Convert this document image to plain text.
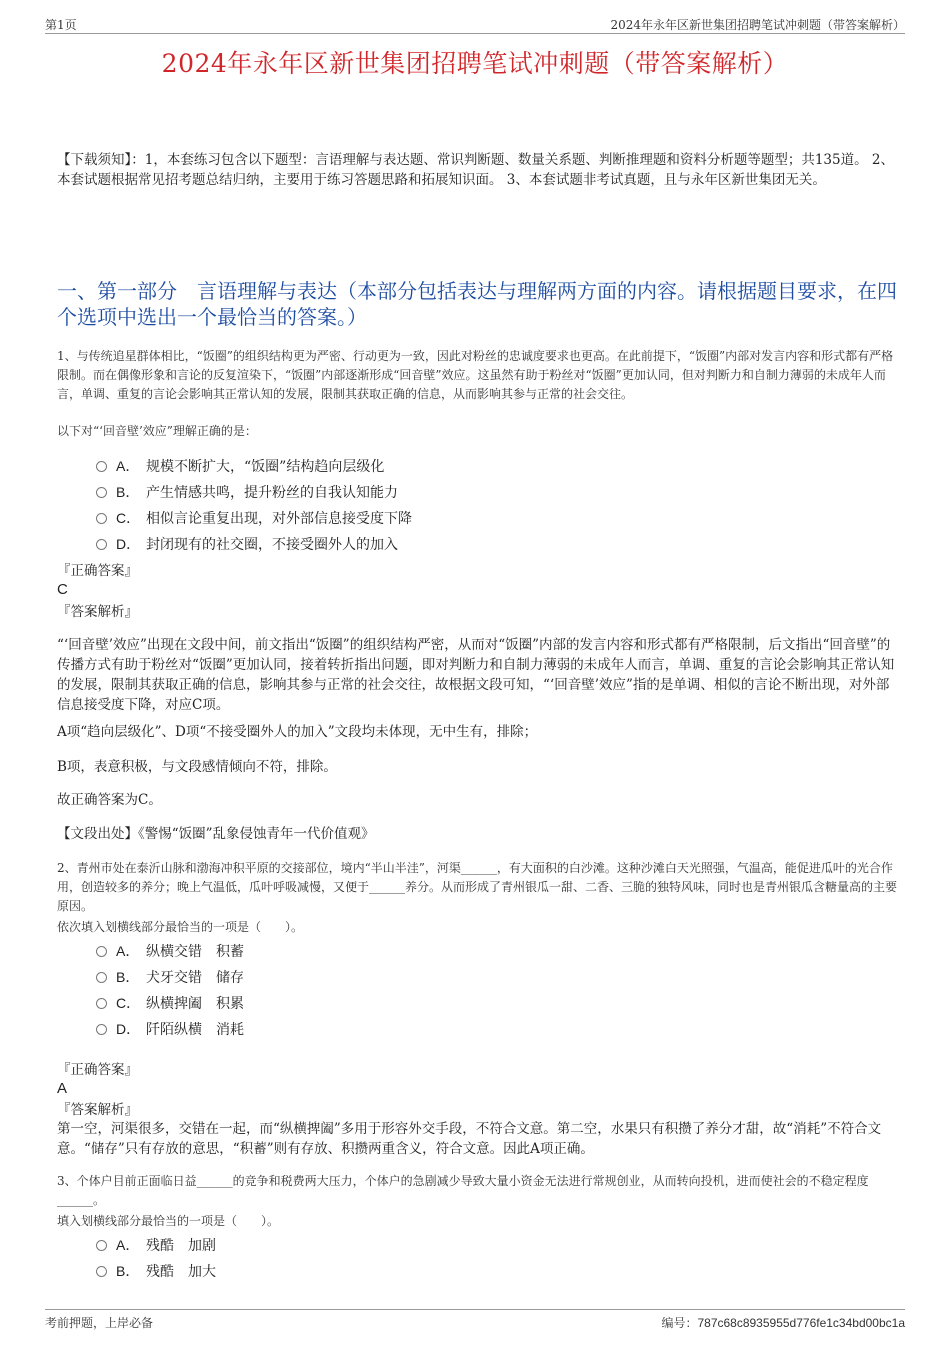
第1页	2024年永年区新世集团招聘笔试冲刺题（带答案解析）
2024年永年区新世集团招聘笔试冲刺题（带答案解析）
【下载须知】：1，本套练习包含以下题型：言语理解与表达题、常识判断题、数量关系题、判断推理题和资料分析题等题型；共135道。 2、本套试题根据常见招考题总结归纳，主要用于练习答题思路和拓展知识面。 3、本套试题非考试真题，且与永年区新世集团无关。
一、第一部分　言语理解与表达（本部分包括表达与理解两方面的内容。请根据题目要求，在四个选项中选出一个最恰当的答案。）
1、与传统追星群体相比，“饭圈”的组织结构更为严密、行动更为一致，因此对粉丝的忠诚度要求也更高。在此前提下，“饭圈”内部对发言内容和形式都有严格限制。而在偶像形象和言论的反复渲染下，“饭圈”内部逐渐形成“回音壁”效应。这虽然有助于粉丝对“饭圈”更加认同，但对判断力和自制力薄弱的未成年人而言，单调、重复的言论会影响其正常认知的发展，限制其获取正确的信息，从而影响其参与正常的社会交往。
以下对“‘回音壁’效应”理解正确的是：
A． 规模不断扩大，“饭圈”结构趋向层级化
B． 产生情感共鸣，提升粉丝的自我认知能力
C． 相似言论重复出现，对外部信息接受度下降
D． 封闭现有的社交圈，不接受圈外人的加入
『正确答案』
C
『答案解析』
“‘回音壁’效应”出现在文段中间，前文指出“饭圈”的组织结构严密，从而对“饭圈”内部的发言内容和形式都有严格限制，后文指出“回音壁”的传播方式有助于粉丝对“饭圈”更加认同，接着转折指出问题，即对判断力和自制力薄弱的未成年人而言，单调、重复的言论会影响其正常认知的发展，限制其获取正确的信息，影响其参与正常的社会交往，故根据文段可知，“‘回音壁’效应”指的是单调、相似的言论不断出现，对外部信息接受度下降，对应C项。
A项“趋向层级化”、D项“不接受圈外人的加入”文段均未体现，无中生有，排除；
B项，表意积极，与文段感情倾向不符，排除。
故正确答案为C。
【文段出处】《警惕“饭圈”乱象侵蚀青年一代价值观》
2、青州市处在泰沂山脉和渤海冲积平原的交接部位，境内“半山半洼”，河渠______，有大面积的白沙滩。这种沙滩白天光照强，气温高，能促进瓜叶的光合作用，创造较多的养分；晚上气温低，瓜叶呼吸减慢，又便于______养分。从而形成了青州银瓜一甜、二香、三脆的独特风味，同时也是青州银瓜含糖量高的主要原因。
依次填入划横线部分最恰当的一项是（　　）。
A． 纵横交错　积蓄
B． 犬牙交错　储存
C． 纵横捭阖　积累
D． 阡陌纵横　消耗
『正确答案』
A
『答案解析』
第一空，河渠很多，交错在一起，而“纵横捭阖”多用于形容外交手段，不符合文意。第二空，水果只有积攒了养分才甜，故“消耗”不符合文意。“储存”只有存放的意思，“积蓄”则有存放、积攒两重含义，符合文意。因此A项正确。
3、个体户目前正面临日益______的竞争和税费两大压力，个体户的急剧减少导致大量小资金无法进行常规创业，从而转向投机，进而使社会的不稳定程度______。
填入划横线部分最恰当的一项是（　　）。
A． 残酷　加剧
B． 残酷　加大
考前押题，上岸必备	编号：787c68c8935955d776fe1c34bd00bc1a
